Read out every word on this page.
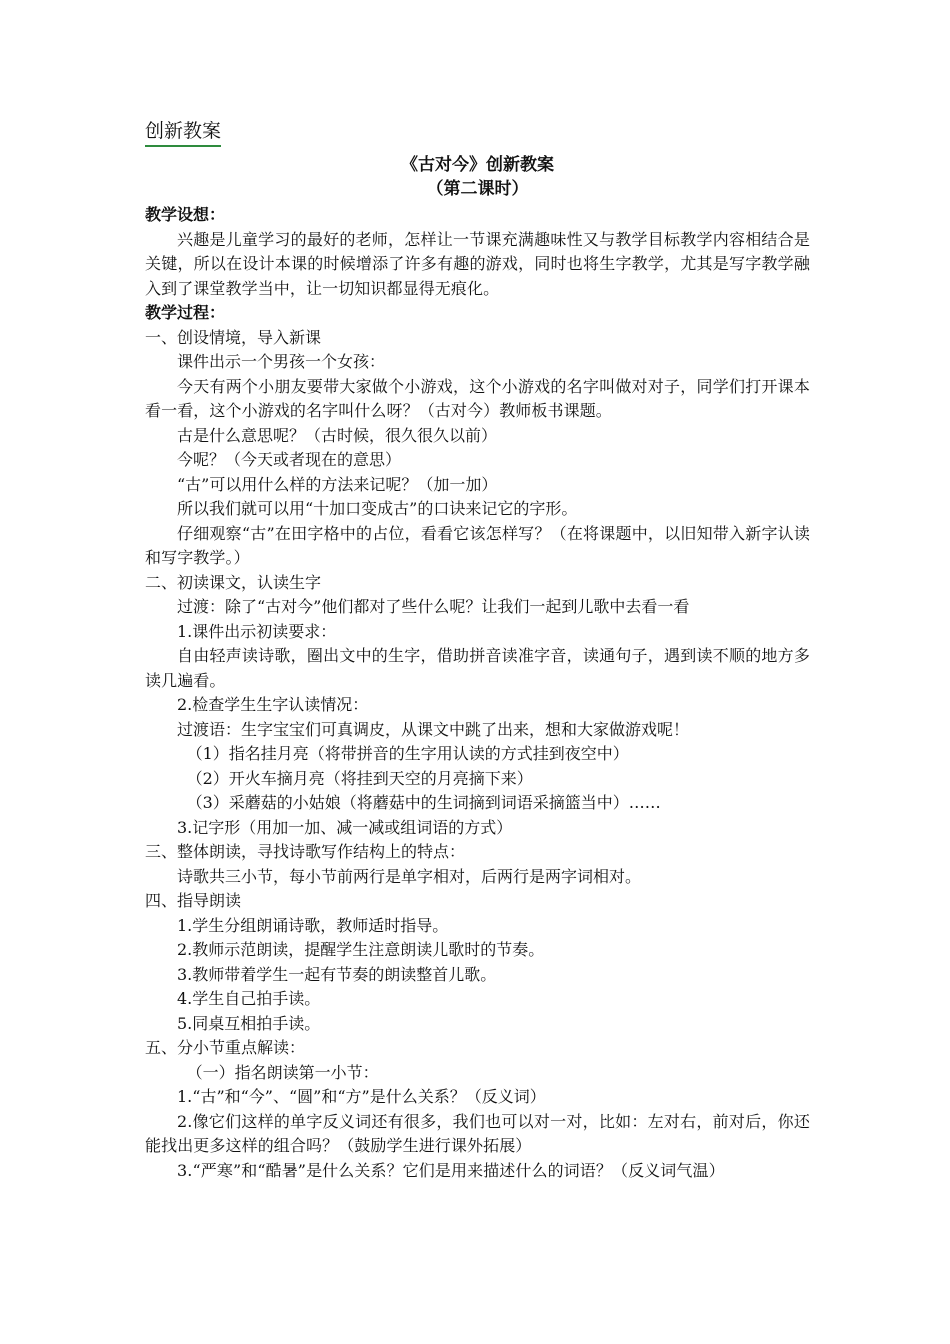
创新教案
《古对今》创新教案
（第二课时）
教学设想：

兴趣是儿童学习的最好的老师，怎样让一节课充满趣味性又与教学目标教学内容相结合是关键，所以在设计本课的时候增添了许多有趣的游戏，同时也将生字教学，尤其是写字教学融入到了课堂教学当中，让一切知识都显得无痕化。

教学过程：
一、创设情境，导入新课

课件出示一个男孩一个女孩：

今天有两个小朋友要带大家做个小游戏，这个小游戏的名字叫做对对子，同学们打开课本看一看，这个小游戏的名字叫什么呀？（古对今）教师板书课题。

古是什么意思呢？（古时候，很久很久以前）

今呢？（今天或者现在的意思）

“古”可以用什么样的方法来记呢？（加一加）

所以我们就可以用“十加口变成古”的口诀来记它的字形。

仔细观察“古”在田字格中的占位，看看它该怎样写？（在将课题中，以旧知带入新字认读和写字教学。）

二、初读课文，认读生字

过渡：除了“古对今”他们都对了些什么呢？让我们一起到儿歌中去看一看

1.课件出示初读要求：

自由轻声读诗歌，圈出文中的生字，借助拼音读准字音，读通句子，遇到读不顺的地方多读几遍看。

2.检查学生生字认读情况：

过渡语：生字宝宝们可真调皮，从课文中跳了出来，想和大家做游戏呢！

（1）指名挂月亮（将带拼音的生字用认读的方式挂到夜空中）

（2）开火车摘月亮（将挂到天空的月亮摘下来）

（3）采蘑菇的小姑娘（将蘑菇中的生词摘到词语采摘篮当中）……

3.记字形（用加一加、减一减或组词语的方式）

三、整体朗读，寻找诗歌写作结构上的特点：

诗歌共三小节，每小节前两行是单字相对，后两行是两字词相对。

四、指导朗读

1.学生分组朗诵诗歌，教师适时指导。

2.教师示范朗读，提醒学生注意朗读儿歌时的节奏。

3.教师带着学生一起有节奏的朗读整首儿歌。

4.学生自己拍手读。

5.同桌互相拍手读。

五、分小节重点解读：

（一）指名朗读第一小节：

1.“古”和“今”、“圆”和“方”是什么关系？（反义词）

2.像它们这样的单字反义词还有很多，我们也可以对一对，比如：左对右，前对后，你还能找出更多这样的组合吗？（鼓励学生进行课外拓展）

3.“严寒”和“酷暑”是什么关系？它们是用来描述什么的词语？（反义词气温）
